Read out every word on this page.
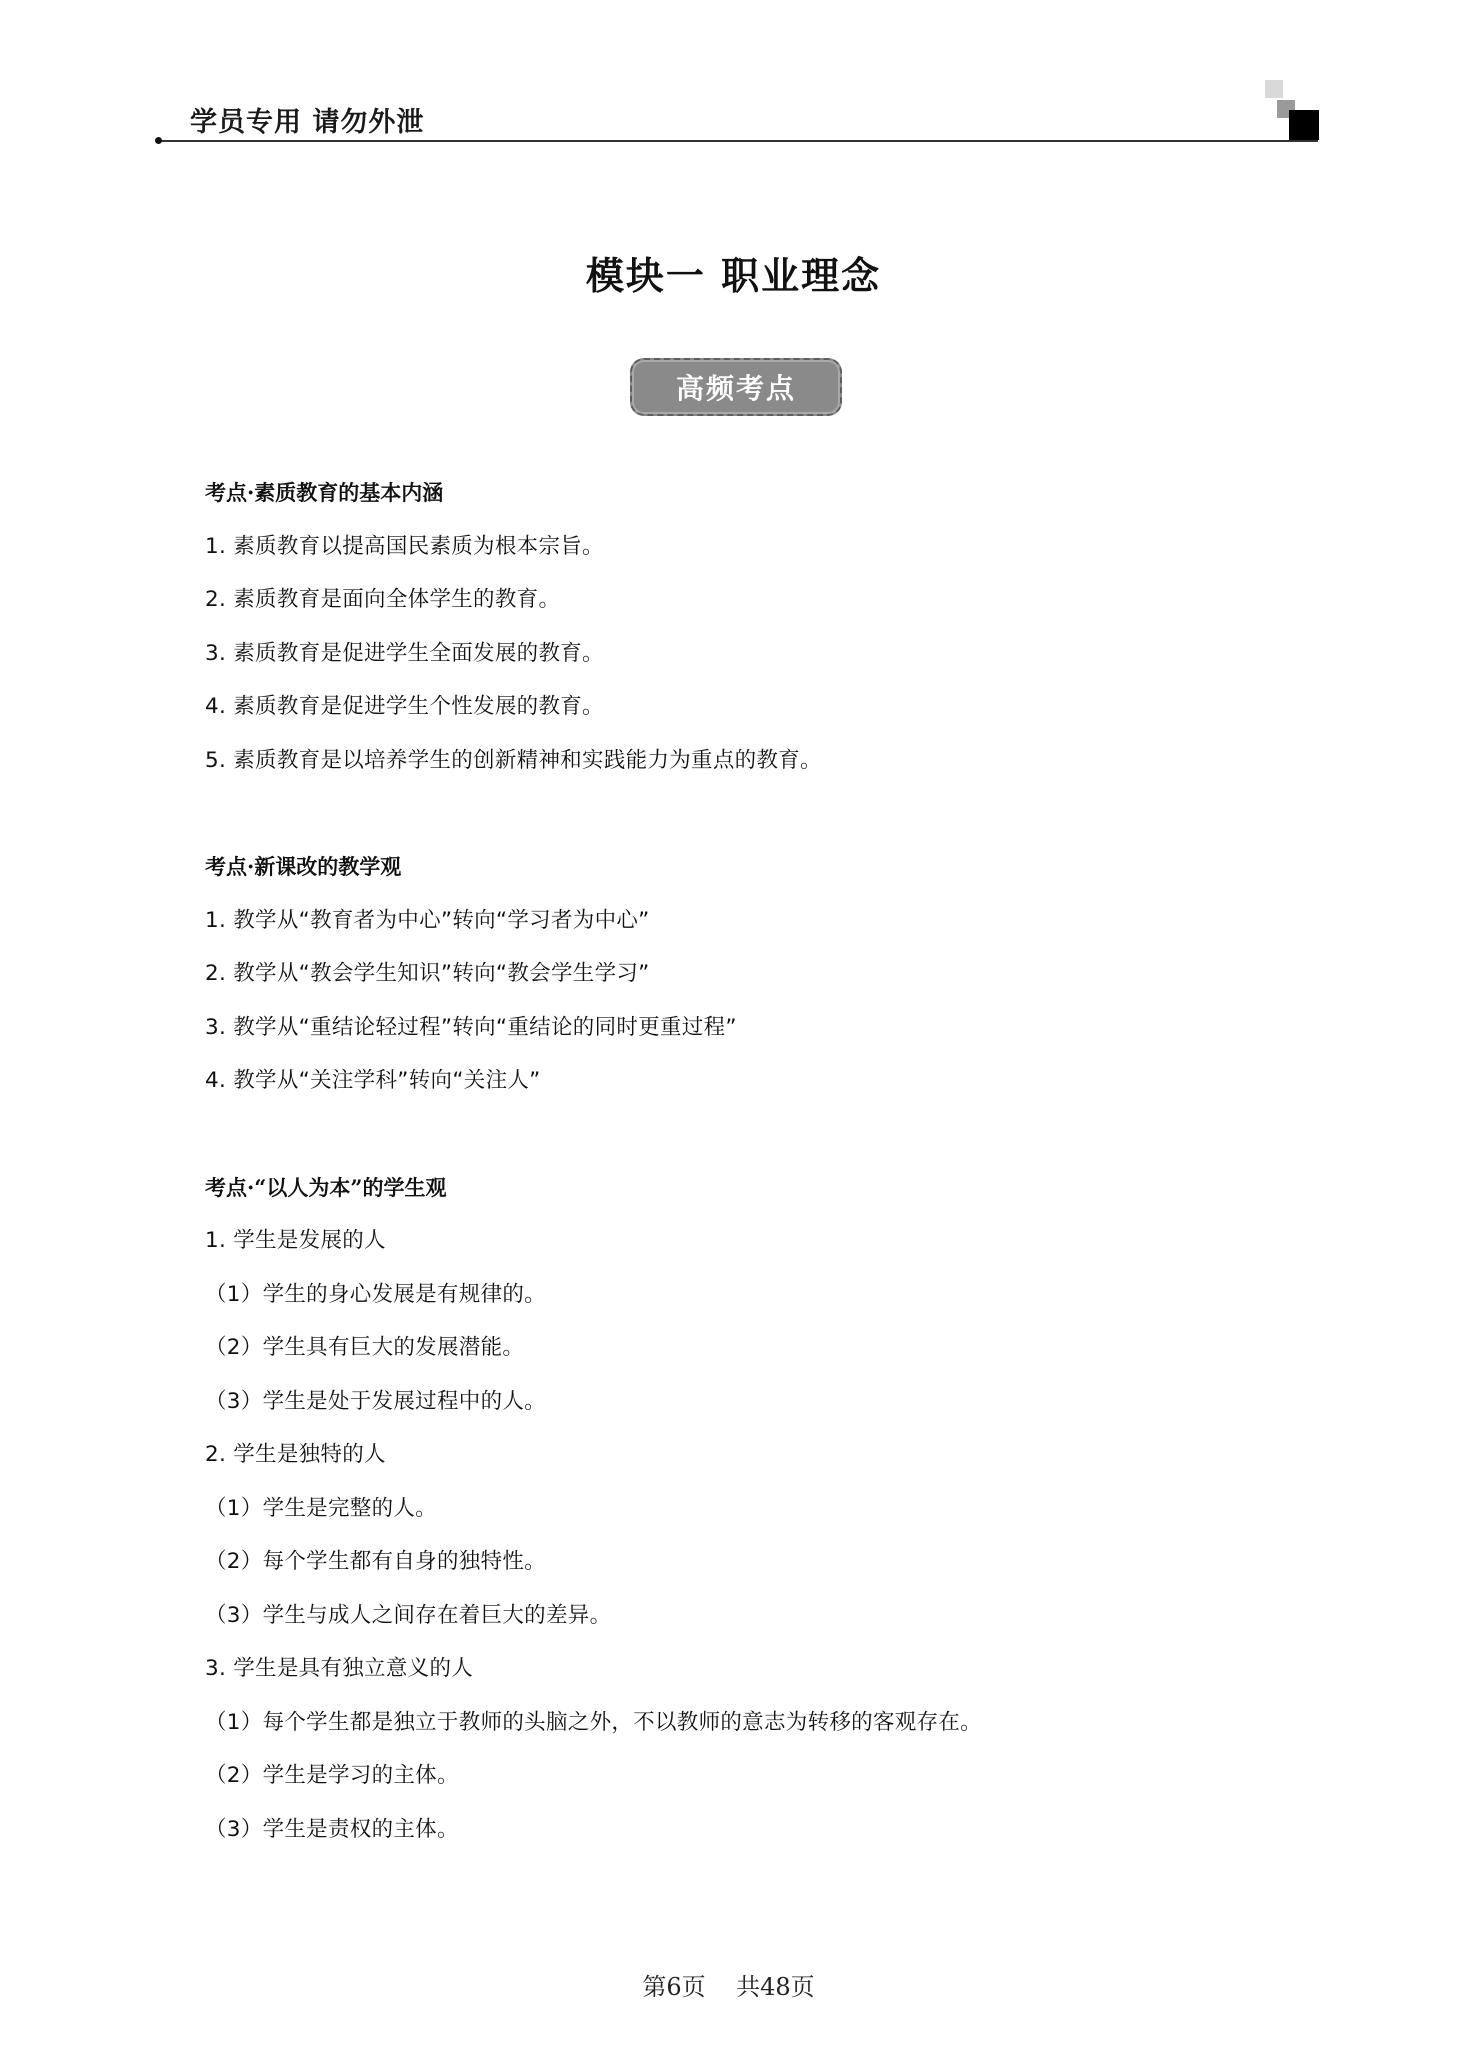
学员专用 请勿外泄
模块一 职业理念
高频考点
考点·素质教育的基本内涵
1. 素质教育以提高国民素质为根本宗旨。
2. 素质教育是面向全体学生的教育。
3. 素质教育是促进学生全面发展的教育。
4. 素质教育是促进学生个性发展的教育。
5. 素质教育是以培养学生的创新精神和实践能力为重点的教育。
考点·新课改的教学观
1. 教学从“教育者为中心”转向“学习者为中心”
2. 教学从“教会学生知识”转向“教会学生学习”
3. 教学从“重结论轻过程”转向“重结论的同时更重过程”
4. 教学从“关注学科”转向“关注人”
考点·“以人为本”的学生观
1. 学生是发展的人
（1）学生的身心发展是有规律的。
（2）学生具有巨大的发展潜能。
（3）学生是处于发展过程中的人。
2. 学生是独特的人
（1）学生是完整的人。
（2）每个学生都有自身的独特性。
（3）学生与成人之间存在着巨大的差异。
3. 学生是具有独立意义的人
（1）每个学生都是独立于教师的头脑之外，不以教师的意志为转移的客观存在。
（2）学生是学习的主体。
（3）学生是责权的主体。
第6页    共48页
